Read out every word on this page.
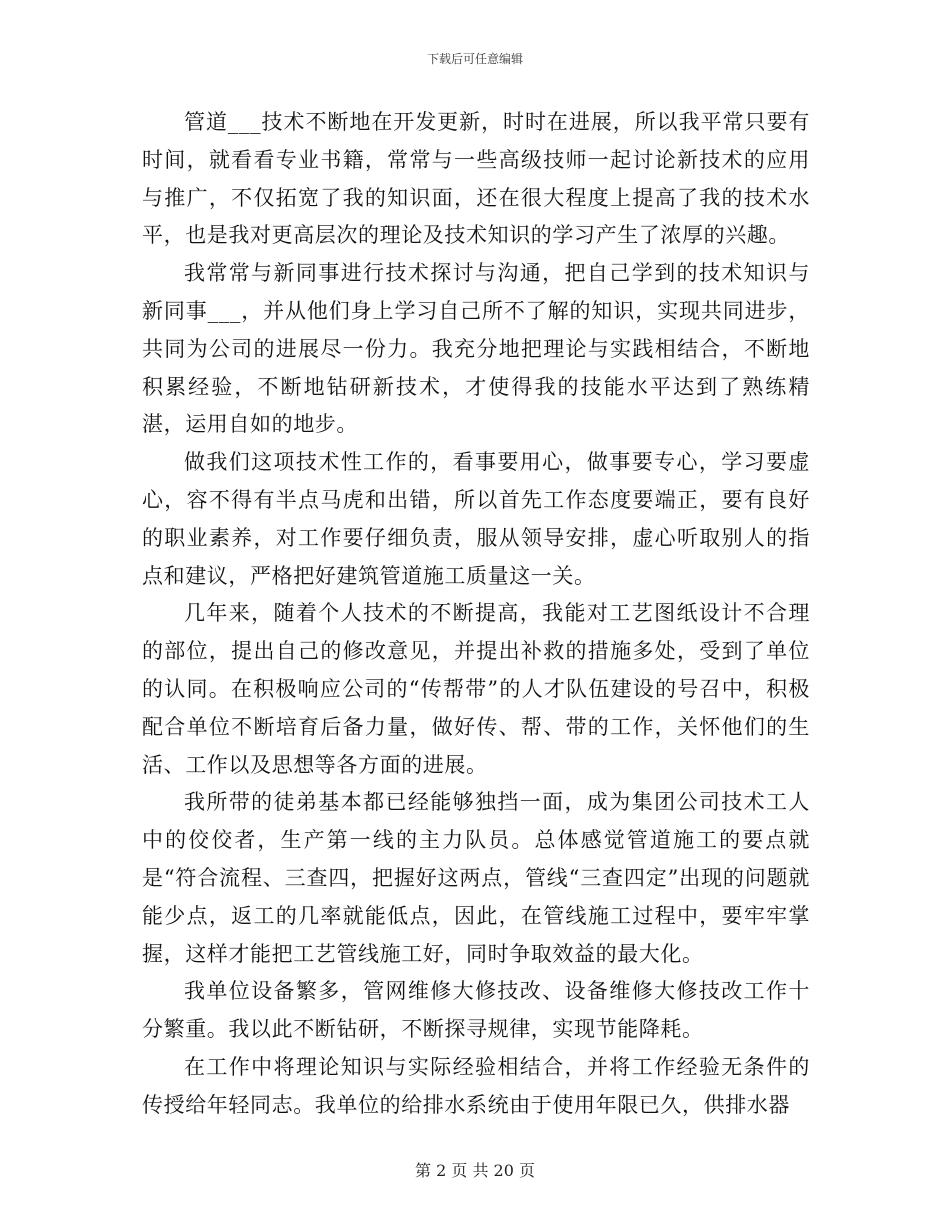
下载后可任意编辑

管道___技术不断地在开发更新，时时在进展，所以我平常只要有时间，就看看专业书籍，常常与一些高级技师一起讨论新技术的应用与推广，不仅拓宽了我的知识面，还在很大程度上提高了我的技术水平，也是我对更高层次的理论及技术知识的学习产生了浓厚的兴趣。

我常常与新同事进行技术探讨与沟通，把自己学到的技术知识与新同事___，并从他们身上学习自己所不了解的知识，实现共同进步，共同为公司的进展尽一份力。我充分地把理论与实践相结合，不断地积累经验，不断地钻研新技术，才使得我的技能水平达到了熟练精湛，运用自如的地步。

做我们这项技术性工作的，看事要用心，做事要专心，学习要虚心，容不得有半点马虎和出错，所以首先工作态度要端正，要有良好的职业素养，对工作要仔细负责，服从领导安排，虚心听取别人的指点和建议，严格把好建筑管道施工质量这一关。

几年来，随着个人技术的不断提高，我能对工艺图纸设计不合理的部位，提出自己的修改意见，并提出补救的措施多处，受到了单位的认同。在积极响应公司的“传帮带”的人才队伍建设的号召中，积极配合单位不断培育后备力量，做好传、帮、带的工作，关怀他们的生活、工作以及思想等各方面的进展。

我所带的徒弟基本都已经能够独挡一面，成为集团公司技术工人中的佼佼者，生产第一线的主力队员。总体感觉管道施工的要点就是“符合流程、三查四，把握好这两点，管线“三查四定”出现的问题就能少点，返工的几率就能低点，因此，在管线施工过程中，要牢牢掌握，这样才能把工艺管线施工好，同时争取效益的最大化。

我单位设备繁多，管网维修大修技改、设备维修大修技改工作十分繁重。我以此不断钻研，不断探寻规律，实现节能降耗。

在工作中将理论知识与实际经验相结合，并将工作经验无条件的传授给年轻同志。我单位的给排水系统由于使用年限已久，供排水器

第 2 页 共 20 页
